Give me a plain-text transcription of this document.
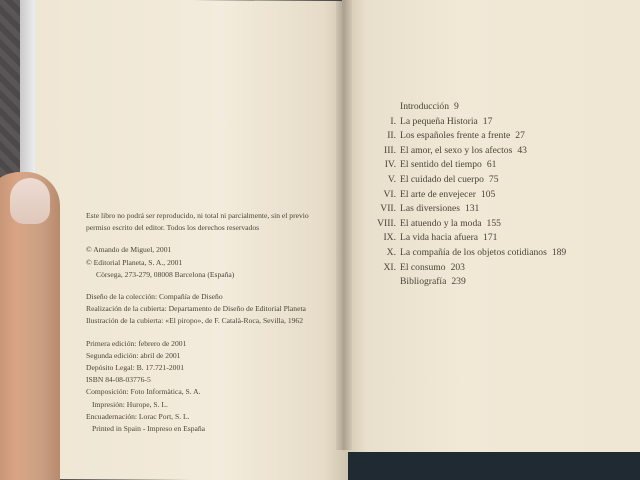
Este libro no podrá ser reproducido, ni total ni parcialmente, sin el previo

permiso escrito del editor. Todos los derechos reservados

© Amando de Miguel, 2001

© Editorial Planeta, S. A., 2001

Còrsega, 273-279, 08008 Barcelona (España)

Diseño de la colección: Compañía de Diseño

Realización de la cubierta: Departamento de Diseño de Editorial Planeta

Ilustración de la cubierta: «El piropo», de F. Català-Roca, Sevilla, 1962

Primera edición: febrero de 2001

Segunda edición: abril de 2001

Depósito Legal: B. 17.721-2001

ISBN 84-08-03776-5

Composición: Foto Informàtica, S. A.

Impresión: Hurope, S. L.

Encuadernación: Lorac Port, S. L.

Printed in Spain - Impreso en España

Introducción 9
I. La pequeña Historia 17
II. Los españoles frente a frente 27
III. El amor, el sexo y los afectos 43
IV. El sentido del tiempo 61
V. El cuidado del cuerpo 75
VI. El arte de envejecer 105
VII. Las diversiones 131
VIII. El atuendo y la moda 155
IX. La vida hacia afuera 171
X. La compañía de los objetos cotidianos 189
XI. El consumo 203
Bibliografía 239
